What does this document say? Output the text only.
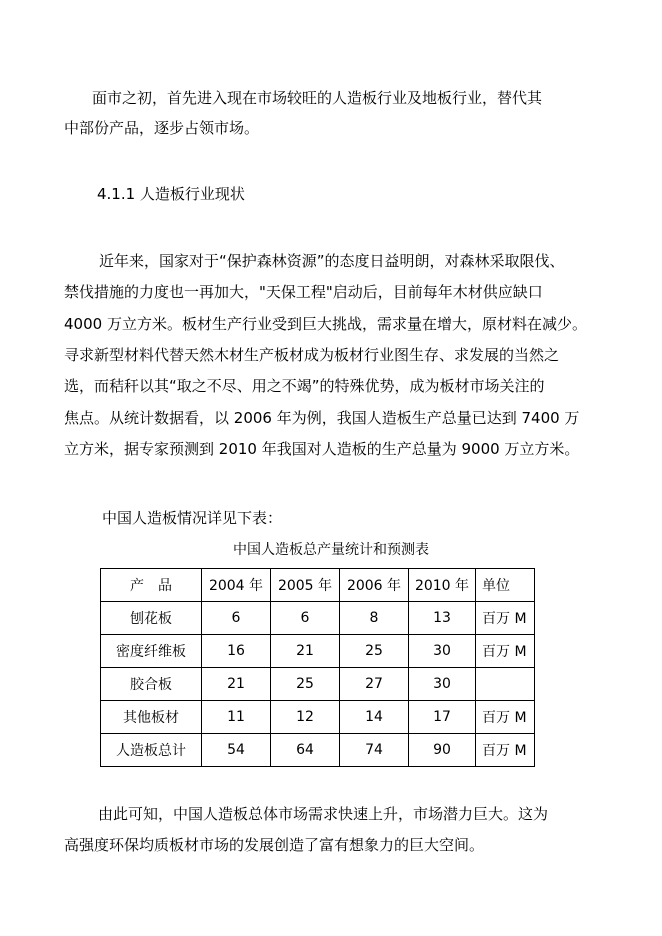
面市之初，首先进入现在市场较旺的人造板行业及地板行业，替代其
中部份产品，逐步占领市场。
4.1.1 人造板行业现状
近年来，国家对于“保护森林资源”的态度日益明朗，对森林采取限伐、
禁伐措施的力度也一再加大，"天保工程"启动后，目前每年木材供应缺口
4000 万立方米。板材生产行业受到巨大挑战，需求量在增大，原材料在减少。
寻求新型材料代替天然木材生产板材成为板材行业图生存、求发展的当然之
选，而秸秆以其“取之不尽、用之不竭”的特殊优势，成为板材市场关注的
焦点。从统计数据看，以 2006 年为例，我国人造板生产总量已达到 7400 万
立方米，据专家预测到 2010 年我国对人造板的生产总量为 9000 万立方米。
中国人造板情况详见下表：
中国人造板总产量统计和预测表
产　品	2004 年	2005 年	2006 年	2010 年	单位
刨花板	6	6	8	13	百万 M
密度纤维板	16	21	25	30	百万 M
胶合板	21	25	27	30	
其他板材	11	12	14	17	百万 M
人造板总计	54	64	74	90	百万 M
由此可知，中国人造板总体市场需求快速上升，市场潜力巨大。这为
高强度环保均质板材市场的发展创造了富有想象力的巨大空间。
